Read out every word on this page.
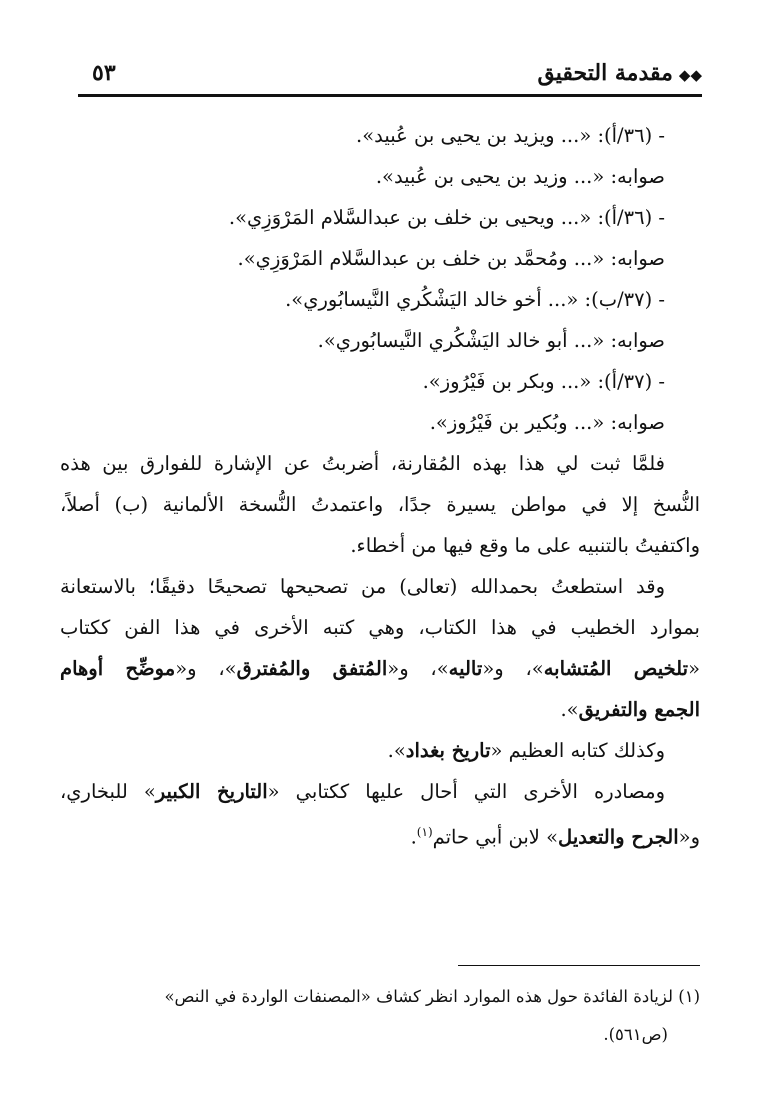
◆◆مقدمة التحقيق
٥٣
- (٣٦/أ): «... ويزيد بن يحيى بن عُبيد».
صوابه: «... وزيد بن يحيى بن عُبيد».
- (٣٦/أ): «... ويحيى بن خلف بن عبدالسَّلام المَرْوَزِي».
صوابه: «... ومُحمَّد بن خلف بن عبدالسَّلام المَرْوَزِي».
- (٣٧/ب): «... أخو خالد اليَشْكُري النَّيسابُوري».
صوابه: «... أبو خالد اليَشْكُري النَّيسابُوري».
- (٣٧/أ): «... وبكر بن فَيْرُوز».
صوابه: «... وبُكير بن فَيْرُوز».
فلمَّا ثبت لي هذا بهذه المُقارنة، أضربتُ عن الإشارة للفوارق بين هذه
النُّسخ إلا في مواطن يسيرة جدًا، واعتمدتُ النُّسخة الألمانية (ب) أصلاً،
واكتفيتُ بالتنبيه على ما وقع فيها من أخطاء.
وقد استطعتُ بحمدالله (تعالى) من تصحيحها تصحيحًا دقيقًا؛ بالاستعانة
بموارد الخطيب في هذا الكتاب، وهي كتبه الأخرى في هذا الفن ككتاب
«تلخيص المُتشابه»، و«تاليه»، و«المُتفق والمُفترق»، و«موضِّح أوهام
الجمع والتفريق».
وكذلك كتابه العظيم «تاريخ بغداد».
ومصادره الأخرى التي أحال عليها ككتابي «التاريخ الكبير» للبخاري،
و«الجرح والتعديل» لابن أبي حاتم$^{(١)}$.
(١) لزيادة الفائدة حول هذه الموارد انظر كشاف «المصنفات الواردة في النص»
(ص٥٦١).
